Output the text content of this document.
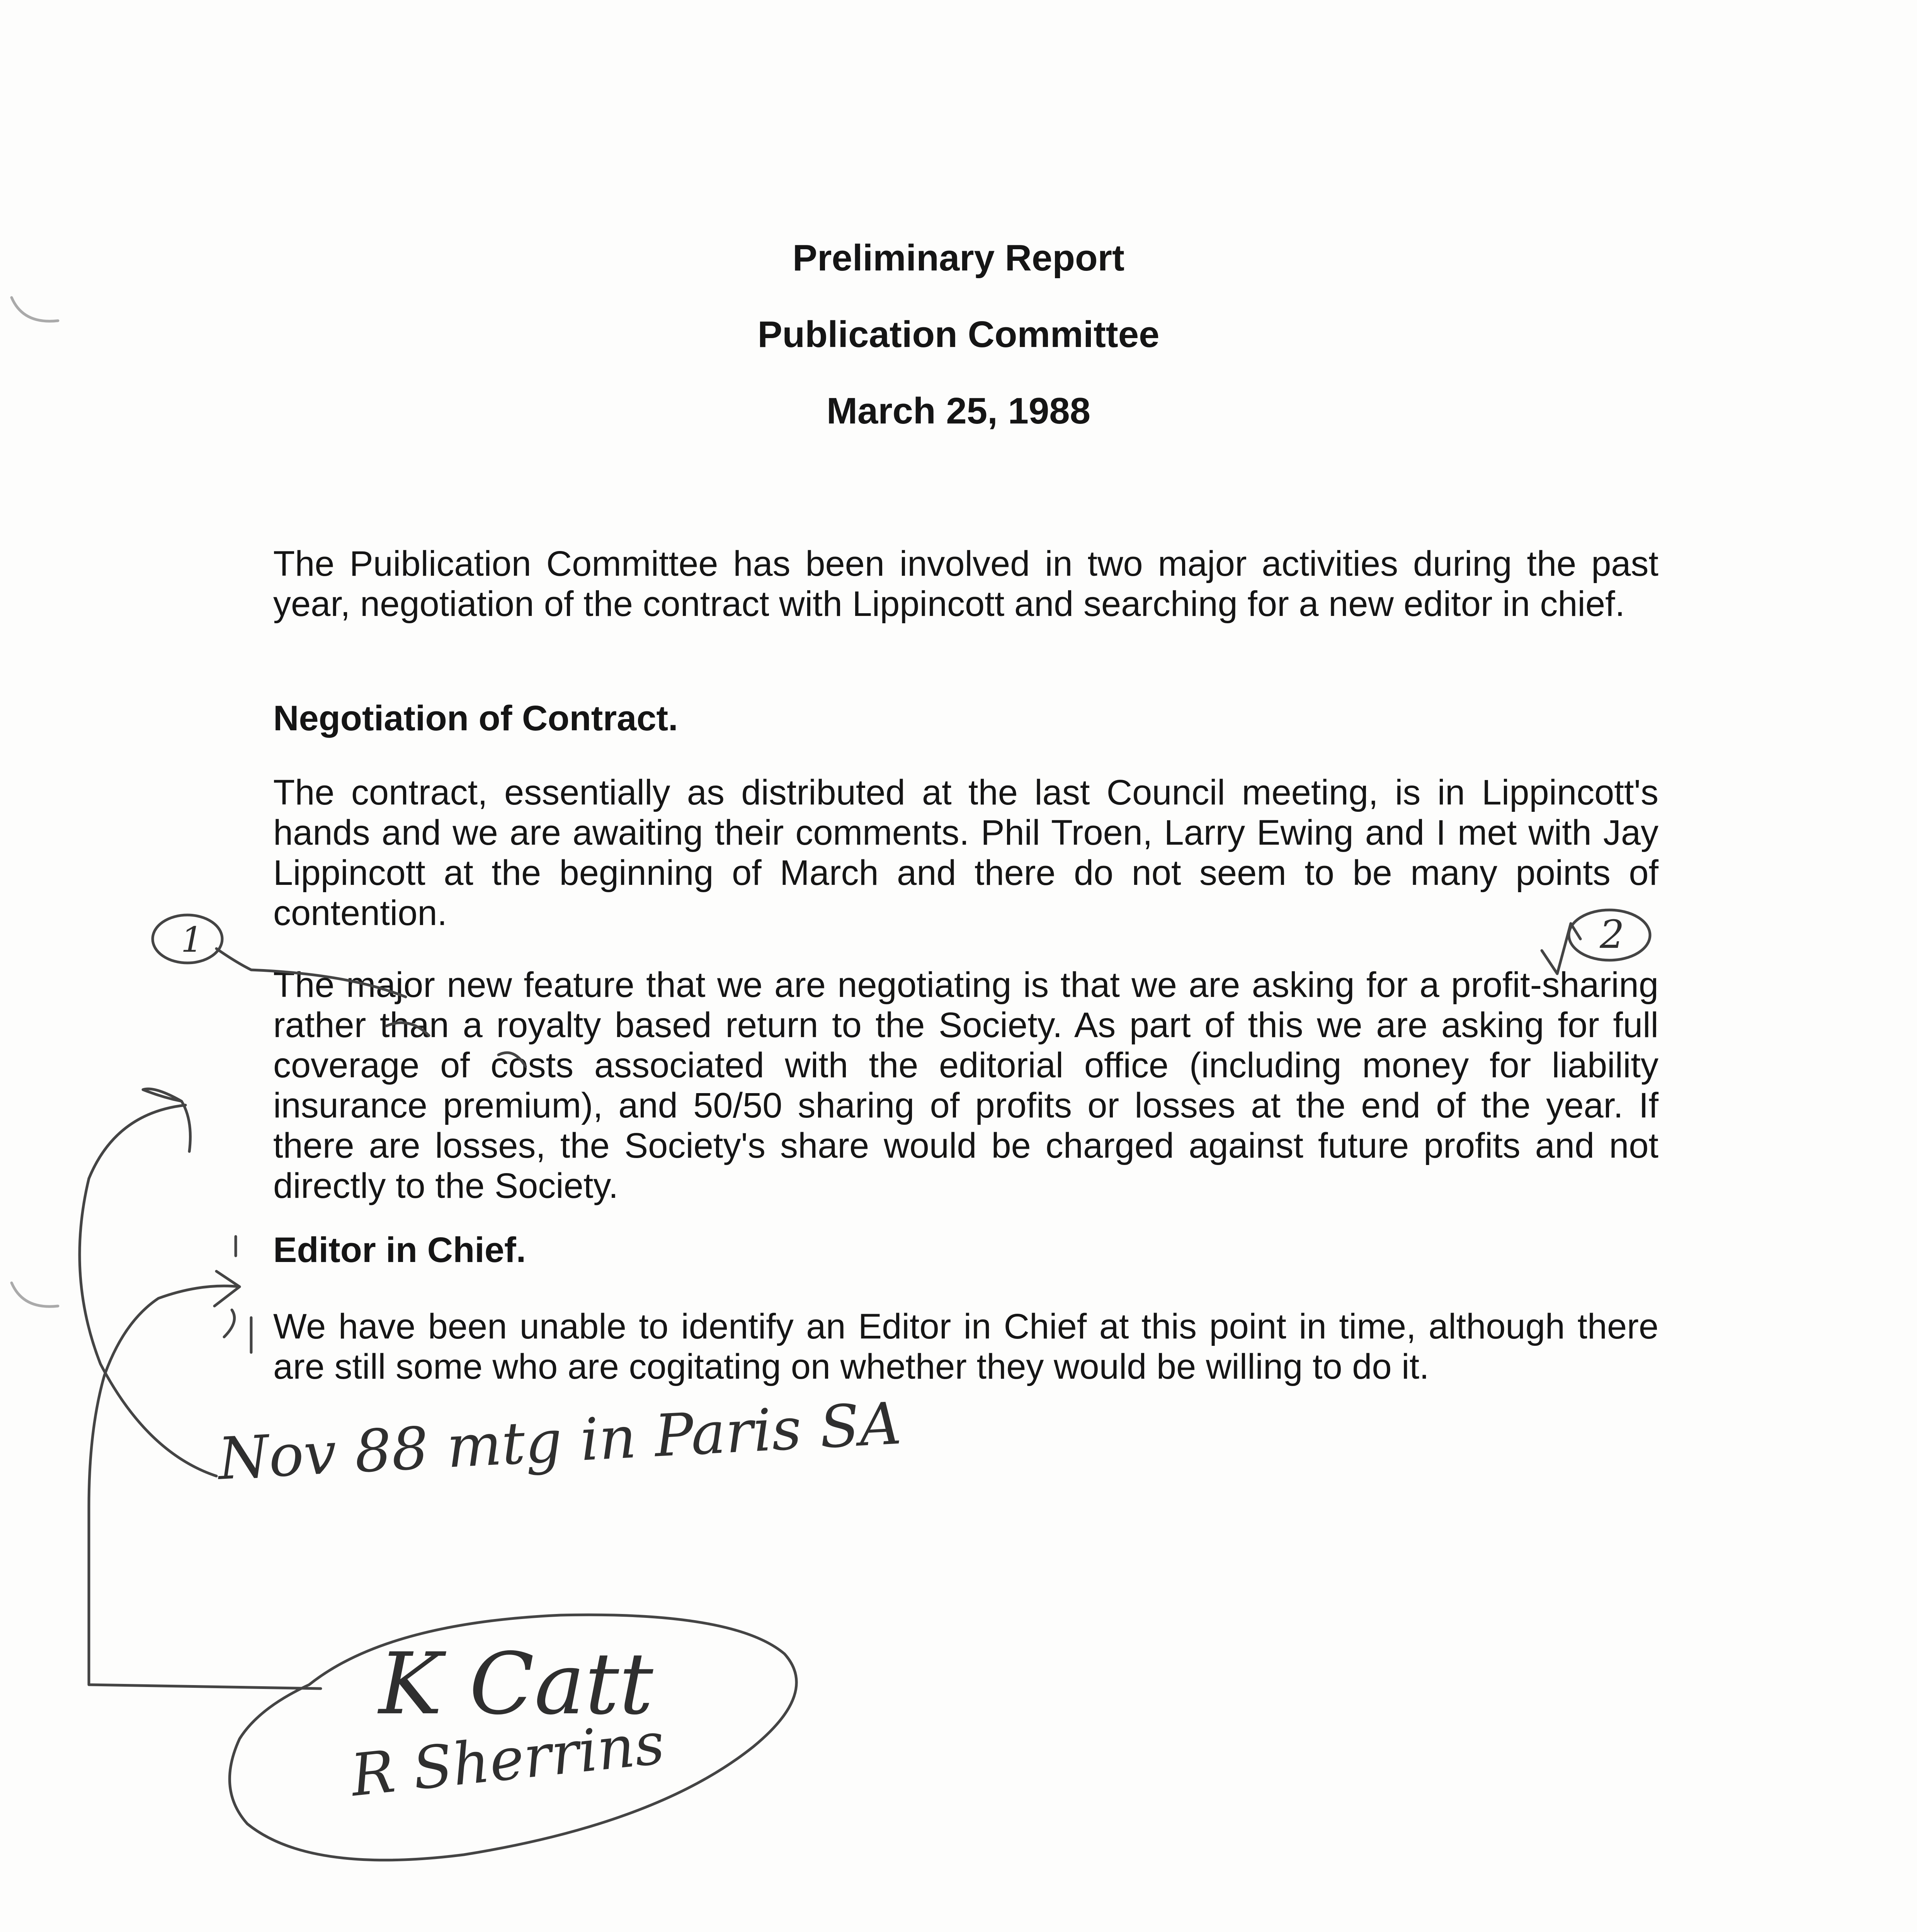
Preliminary Report
Publication Committee
March 25, 1988

The Puiblication Committee has been involved in two major activities during the past year, negotiation of the contract with Lippincott and searching for a new editor in chief.

Negotiation of Contract.

The contract, essentially as distributed at the last Council meeting, is in Lippincott's hands and we are awaiting their comments. Phil Troen, Larry Ewing and I met with Jay Lippincott at the beginning of March and there do not seem to be many points of contention.

The major new feature that we are negotiating is that we are asking for a profit-sharing rather than a royalty based return to the Society. As part of this we are asking for full coverage of costs associated with the editorial office (including money for liability insurance premium), and 50/50 sharing of profits or losses at the end of the year. If there are losses, the Society's share would be charged against future profits and not directly to the Society.

Editor in Chief.

We have been unable to identify an Editor in Chief at this point in time, although there are still some who are cogitating on whether they would be willing to do it.

1	2
Nov 88 mtg in Paris SA
K Catt
R Sherrins
